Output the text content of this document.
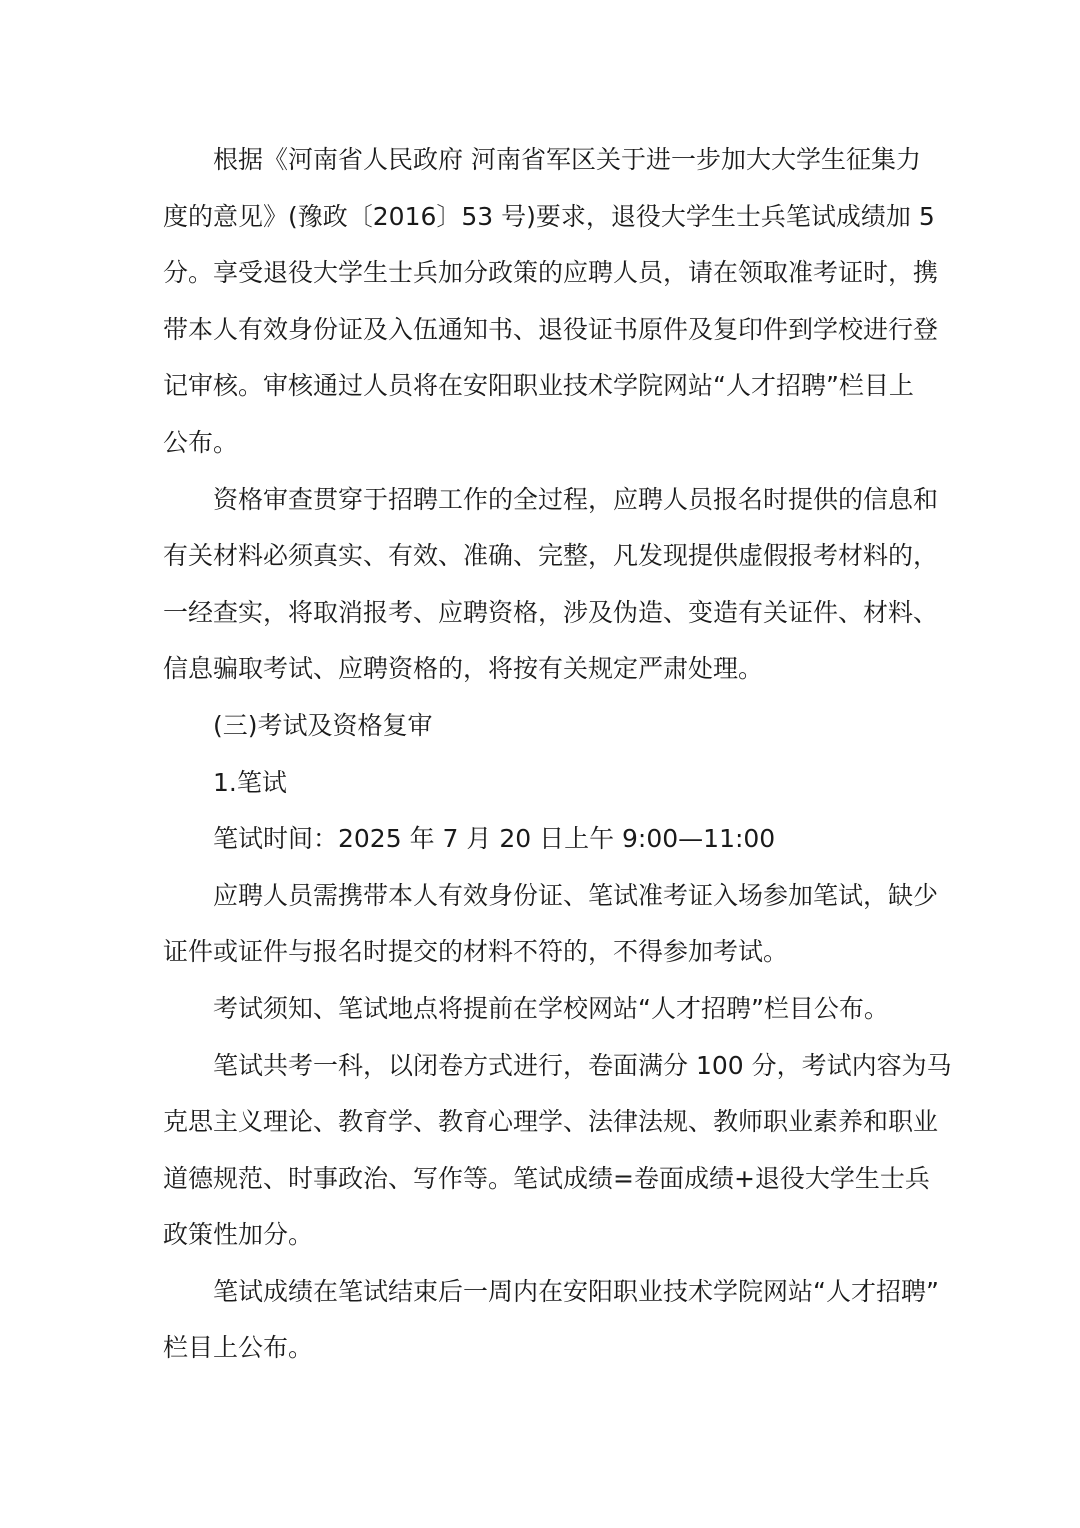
根据《河南省人民政府 河南省军区关于进一步加大大学生征集力
度的意见》(豫政〔2016〕53 号)要求，退役大学生士兵笔试成绩加 5
分。享受退役大学生士兵加分政策的应聘人员，请在领取准考证时，携
带本人有效身份证及入伍通知书、退役证书原件及复印件到学校进行登
记审核。审核通过人员将在安阳职业技术学院网站“人才招聘”栏目上
公布。
资格审查贯穿于招聘工作的全过程，应聘人员报名时提供的信息和
有关材料必须真实、有效、准确、完整，凡发现提供虚假报考材料的，
一经查实，将取消报考、应聘资格，涉及伪造、变造有关证件、材料、
信息骗取考试、应聘资格的，将按有关规定严肃处理。
(三)考试及资格复审
1.笔试
笔试时间：2025 年 7 月 20 日上午 9:00—11:00
应聘人员需携带本人有效身份证、笔试准考证入场参加笔试，缺少
证件或证件与报名时提交的材料不符的，不得参加考试。
考试须知、笔试地点将提前在学校网站“人才招聘”栏目公布。
笔试共考一科，以闭卷方式进行，卷面满分 100 分，考试内容为马
克思主义理论、教育学、教育心理学、法律法规、教师职业素养和职业
道德规范、时事政治、写作等。笔试成绩=卷面成绩+退役大学生士兵
政策性加分。
笔试成绩在笔试结束后一周内在安阳职业技术学院网站“人才招聘”
栏目上公布。
